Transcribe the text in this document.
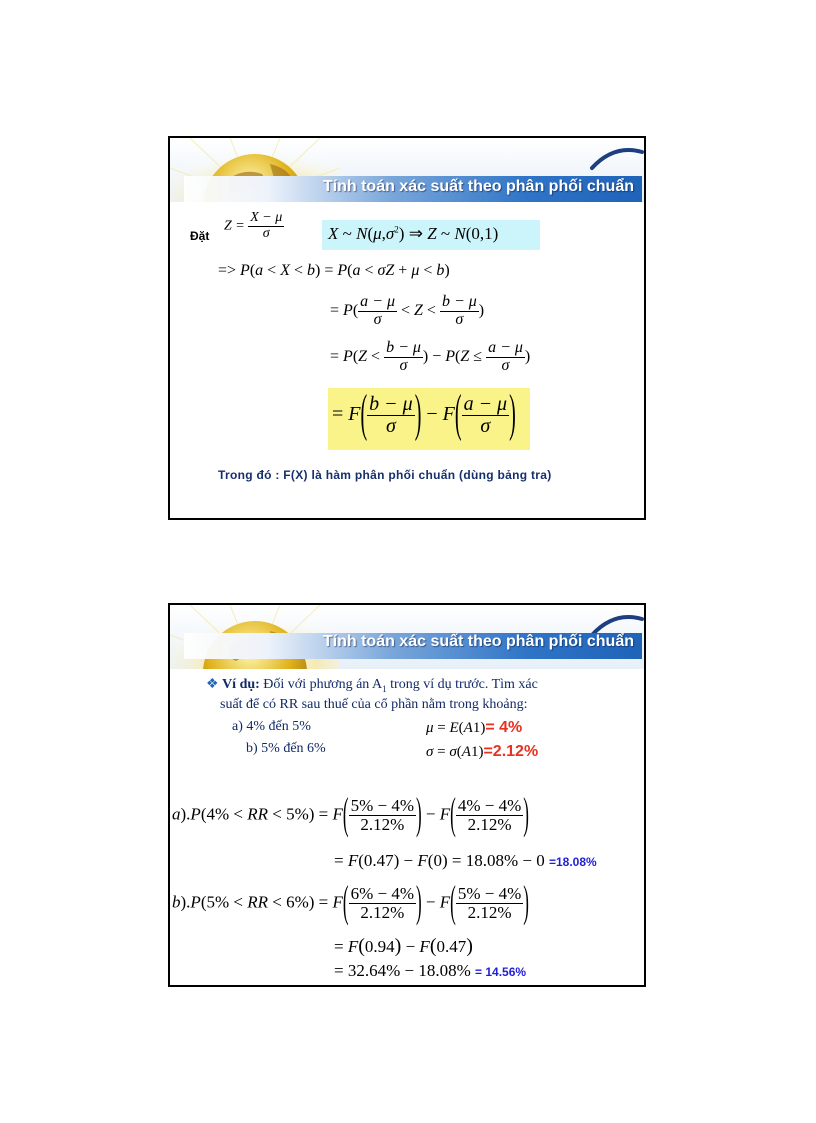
Tính toán xác suất theo phân phối chuẩn
Đặt
$Z = \frac{X - \mu}{\sigma}$	X ~ $N(\mu,\sigma^2)$ ⇒ Z ~ N(0,1)
=> P(a < X < b) = P(a < σZ + μ < b)
= $P( \frac{a - \mu}{\sigma} < Z < \frac{b - \mu}{\sigma}$ )
= $P(Z < \frac{b - \mu}{\sigma}$ ) − $P(Z \le \frac{a - \mu}{\sigma}$ )
= $F( \frac{b - \mu}{\sigma}$ ) − $F( \frac{a - \mu}{\sigma}$ )
Trong đó : F(X) là hàm phân phối chuẩn (dùng bảng tra)
Tính toán xác suất theo phân phối chuẩn
❖ Ví dụ: Đối với phương án $A_1$ trong ví dụ trước. Tìm xác
suất để có RR sau thuế của cổ phần nằm trong khoảng:
a) 4% đến 5%
b) 5% đến 6%
μ = E(A1)= 4%
σ = σ(A1)=2.12%
a).P(4% < RR < $5\%) = F( \frac{5\% - 4\%}{2.12\%}$ ) − $F( \frac{4\% - 4\%}{2.12\%}$ )
= F(0.47) − F(0) = 18.08% − 0 =18.08%
b).P(5% < RR < $6\%) = F( \frac{6\% - 4\%}{2.12\%}$ ) − $F( \frac{5\% - 4\%}{2.12\%}$ )
= F(0.94) − F(0.47)
= 32.64% − 18.08% = 14.56%
